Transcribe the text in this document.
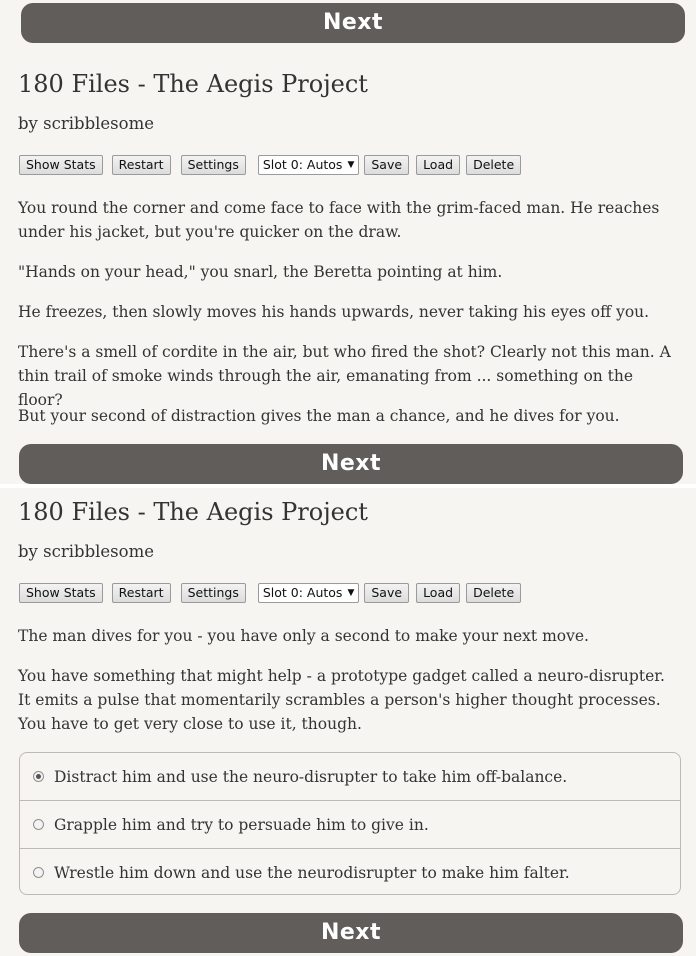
Next
180 Files - The Aegis Project

by scribblesome

Show Stats	Restart	Settings	Slot 0: Autos ▼	Save	Load	Delete

You round the corner and come face to face with the grim-faced man. He reaches under his jacket, but you're quicker on the draw.

"Hands on your head," you snarl, the Beretta pointing at him.

He freezes, then slowly moves his hands upwards, never taking his eyes off you.

There's a smell of cordite in the air, but who fired the shot? Clearly not this man. A thin trail of smoke winds through the air, emanating from ... something on the floor?

But your second of distraction gives the man a chance, and he dives for you.

Next
180 Files - The Aegis Project

by scribblesome

Show Stats	Restart	Settings	Slot 0: Autos ▼	Save	Load	Delete

The man dives for you - you have only a second to make your next move.

You have something that might help - a prototype gadget called a neuro-disrupter. It emits a pulse that momentarily scrambles a person's higher thought processes. You have to get very close to use it, though.

Distract him and use the neuro-disrupter to take him off-balance.
Grapple him and try to persuade him to give in.
Wrestle him down and use the neurodisrupter to make him falter.
Next
